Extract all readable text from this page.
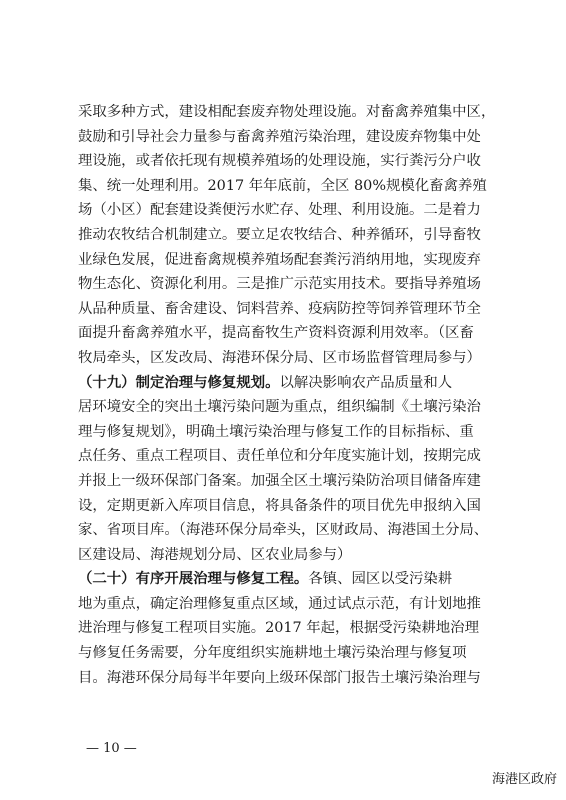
采取多种方式，建设相配套废弃物处理设施。对畜禽养殖集中区，
鼓励和引导社会力量参与畜禽养殖污染治理，建设废弃物集中处
理设施，或者依托现有规模养殖场的处理设施，实行粪污分户收
集、统一处理利用。2017 年年底前，全区 80%规模化畜禽养殖
场（小区）配套建设粪便污水贮存、处理、利用设施。二是着力
推动农牧结合机制建立。要立足农牧结合、种养循环，引导畜牧
业绿色发展，促进畜禽规模养殖场配套粪污消纳用地，实现废弃
物生态化、资源化利用。三是推广示范实用技术。要指导养殖场
从品种质量、畜舍建设、饲料营养、疫病防控等饲养管理环节全
面提升畜禽养殖水平，提高畜牧生产资料资源利用效率。（区畜
牧局牵头，区发改局、海港环保分局、区市场监督管理局参与）
（十九）制定治理与修复规划。以解决影响农产品质量和人
居环境安全的突出土壤污染问题为重点，组织编制《土壤污染治
理与修复规划》，明确土壤污染治理与修复工作的目标指标、重
点任务、重点工程项目、责任单位和分年度实施计划，按期完成
并报上一级环保部门备案。加强全区土壤污染防治项目储备库建
设，定期更新入库项目信息，将具备条件的项目优先申报纳入国
家、省项目库。（海港环保分局牵头，区财政局、海港国土分局、
区建设局、海港规划分局、区农业局参与）
（二十）有序开展治理与修复工程。各镇、园区以受污染耕
地为重点，确定治理修复重点区域，通过试点示范，有计划地推
进治理与修复工程项目实施。2017 年起，根据受污染耕地治理
与修复任务需要，分年度组织实施耕地土壤污染治理与修复项
目。海港环保分局每半年要向上级环保部门报告土壤污染治理与
— 10 —
海港区政府
